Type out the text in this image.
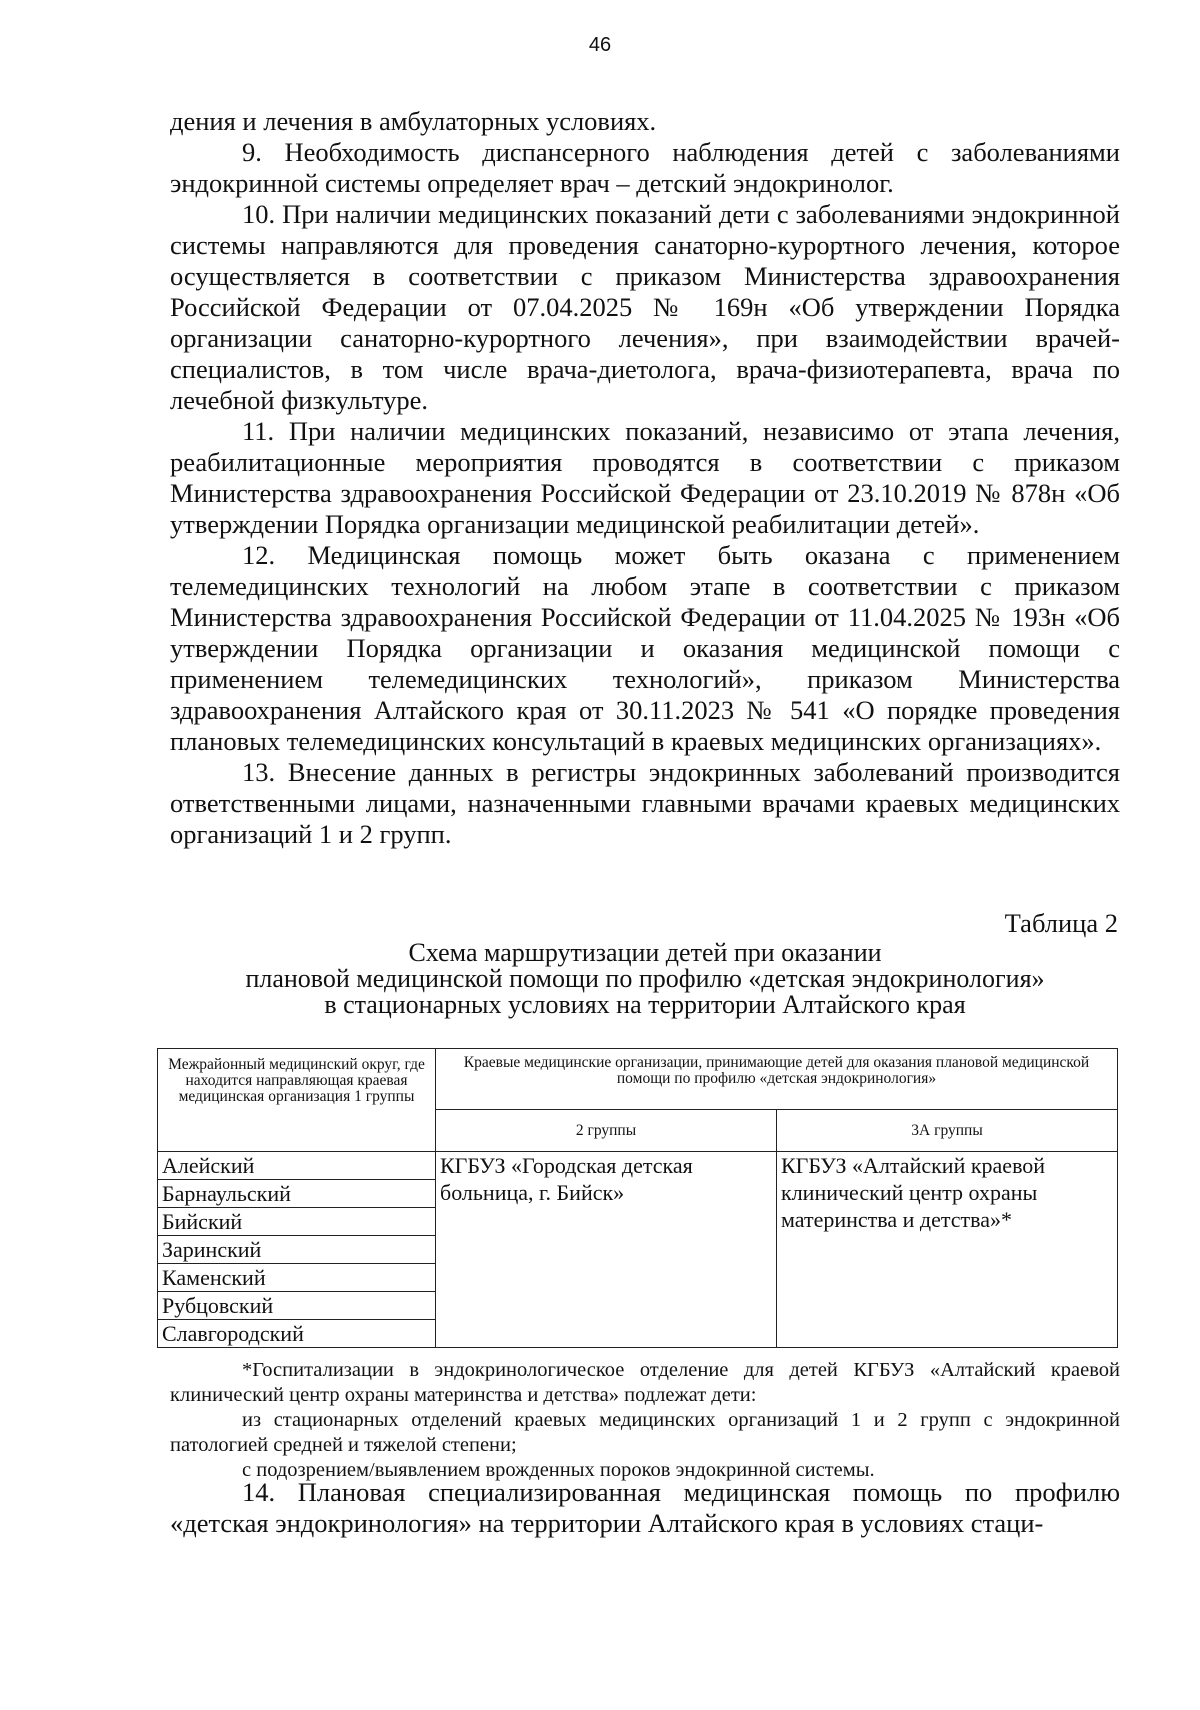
46

дения и лечения в амбулаторных условиях.

9. Необходимость диспансерного наблюдения детей с заболеваниями эндокринной системы определяет врач – детский эндокринолог.

10. При наличии медицинских показаний дети с заболеваниями эндокринной системы направляются для проведения санаторно-курортного лечения, которое осуществляется в соответствии с приказом Министерства здравоохранения Российской Федерации от 07.04.2025 № 169н «Об утверждении Порядка организации санаторно-курортного лечения», при взаимодействии врачей-специалистов, в том числе врача-диетолога, врача-физиотерапевта, врача по лечебной физкультуре.

11. При наличии медицинских показаний, независимо от этапа лечения, реабилитационные мероприятия проводятся в соответствии с приказом Министерства здравоохранения Российской Федерации от 23.10.2019 № 878н «Об утверждении Порядка организации медицинской реабилитации детей».

12. Медицинская помощь может быть оказана с применением телемедицинских технологий на любом этапе в соответствии с приказом Министерства здравоохранения Российской Федерации от 11.04.2025 № 193н «Об утверждении Порядка организации и оказания медицинской помощи с применением телемедицинских технологий», приказом Министерства здравоохранения Алтайского края от 30.11.2023 № 541 «О порядке проведения плановых телемедицинских консультаций в краевых медицинских организациях».

13. Внесение данных в регистры эндокринных заболеваний производится ответственными лицами, назначенными главными врачами краевых медицинских организаций 1 и 2 групп.

Таблица 2
Схема маршрутизации детей при оказании
плановой медицинской помощи по профилю «детская эндокринология»
в стационарных условиях на территории Алтайского края
Межрайонный медицинский округ, где находится направляющая краевая медицинская организация 1 группы	Краевые медицинские организации, принимающие детей для оказания плановой медицинской помощи по профилю «детская эндокринология»	
	2 группы	3А группы
Алейский	КГБУЗ «Городская детская больница, г. Бийск»	КГБУЗ «Алтайский краевой клинический центр охраны материнства и детства»*
Барнаульский		
Бийский		
Заринский		
Каменский		
Рубцовский		
Славгородский		

*Госпитализации в эндокринологическое отделение для детей КГБУЗ «Алтайский краевой клинический центр охраны материнства и детства» подлежат дети:

из стационарных отделений краевых медицинских организаций 1 и 2 групп с эндокринной патологией средней и тяжелой степени;

с подозрением/выявлением врожденных пороков эндокринной системы.

14. Плановая специализированная медицинская помощь по профилю «детская эндокринология» на территории Алтайского края в условиях стаци-
